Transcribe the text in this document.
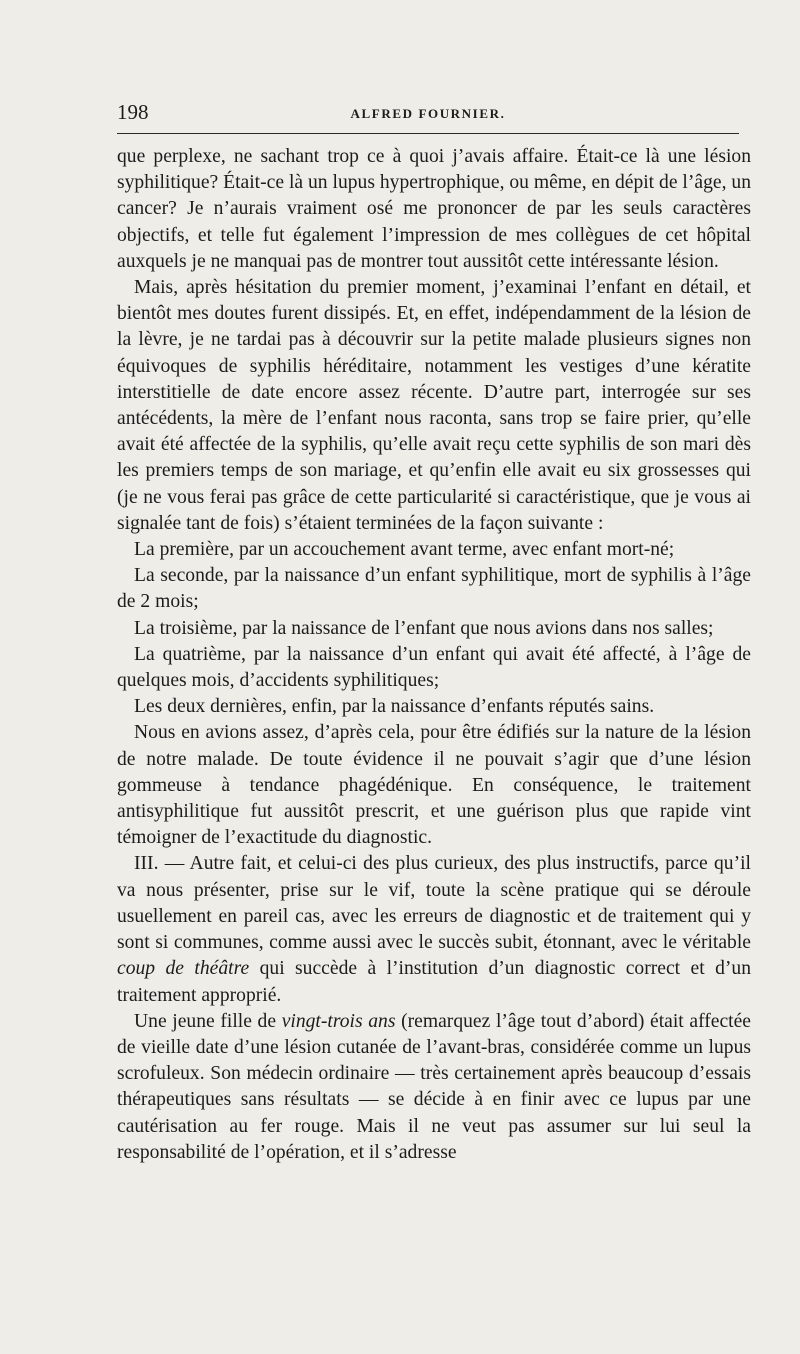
198	ALFRED FOURNIER.

que perplexe, ne sachant trop ce à quoi j’avais affaire. Était-ce là une lésion syphilitique? Était-ce là un lupus hypertrophique, ou même, en dépit de l’âge, un cancer? Je n’aurais vraiment osé me prononcer de par les seuls caractères objectifs, et telle fut également l’impression de mes collègues de cet hôpital auxquels je ne manquai pas de montrer tout aussitôt cette intéressante lésion.

Mais, après hésitation du premier moment, j’examinai l’enfant en détail, et bientôt mes doutes furent dissipés. Et, en effet, indépendamment de la lésion de la lèvre, je ne tardai pas à découvrir sur la petite malade plusieurs signes non équivoques de syphilis héréditaire, notamment les vestiges d’une kératite interstitielle de date encore assez récente. D’autre part, interrogée sur ses antécédents, la mère de l’enfant nous raconta, sans trop se faire prier, qu’elle avait été affectée de la syphilis, qu’elle avait reçu cette syphilis de son mari dès les premiers temps de son mariage, et qu’enfin elle avait eu six grossesses qui (je ne vous ferai pas grâce de cette particularité si caractéristique, que je vous ai signalée tant de fois) s’étaient terminées de la façon suivante :

La première, par un accouchement avant terme, avec enfant mort-né;

La seconde, par la naissance d’un enfant syphilitique, mort de syphilis à l’âge de 2 mois;

La troisième, par la naissance de l’enfant que nous avions dans nos salles;

La quatrième, par la naissance d’un enfant qui avait été affecté, à l’âge de quelques mois, d’accidents syphilitiques;

Les deux dernières, enfin, par la naissance d’enfants réputés sains.

Nous en avions assez, d’après cela, pour être édifiés sur la nature de la lésion de notre malade. De toute évidence il ne pouvait s’agir que d’une lésion gommeuse à tendance phagédénique. En conséquence, le traitement antisyphilitique fut aussitôt prescrit, et une guérison plus que rapide vint témoigner de l’exactitude du diagnostic.

III. — Autre fait, et celui-ci des plus curieux, des plus instructifs, parce qu’il va nous présenter, prise sur le vif, toute la scène pratique qui se déroule usuellement en pareil cas, avec les erreurs de diagnostic et de traitement qui y sont si communes, comme aussi avec le succès subit, étonnant, avec le véritable coup de théâtre qui succède à l’institution d’un diagnostic correct et d’un traitement approprié.

Une jeune fille de vingt-trois ans (remarquez l’âge tout d’abord) était affectée de vieille date d’une lésion cutanée de l’avant-bras, considérée comme un lupus scrofuleux. Son médecin ordinaire — très certainement après beaucoup d’essais thérapeutiques sans résultats — se décide à en finir avec ce lupus par une cautérisation au fer rouge. Mais il ne veut pas assumer sur lui seul la responsabilité de l’opération, et il s’adresse
